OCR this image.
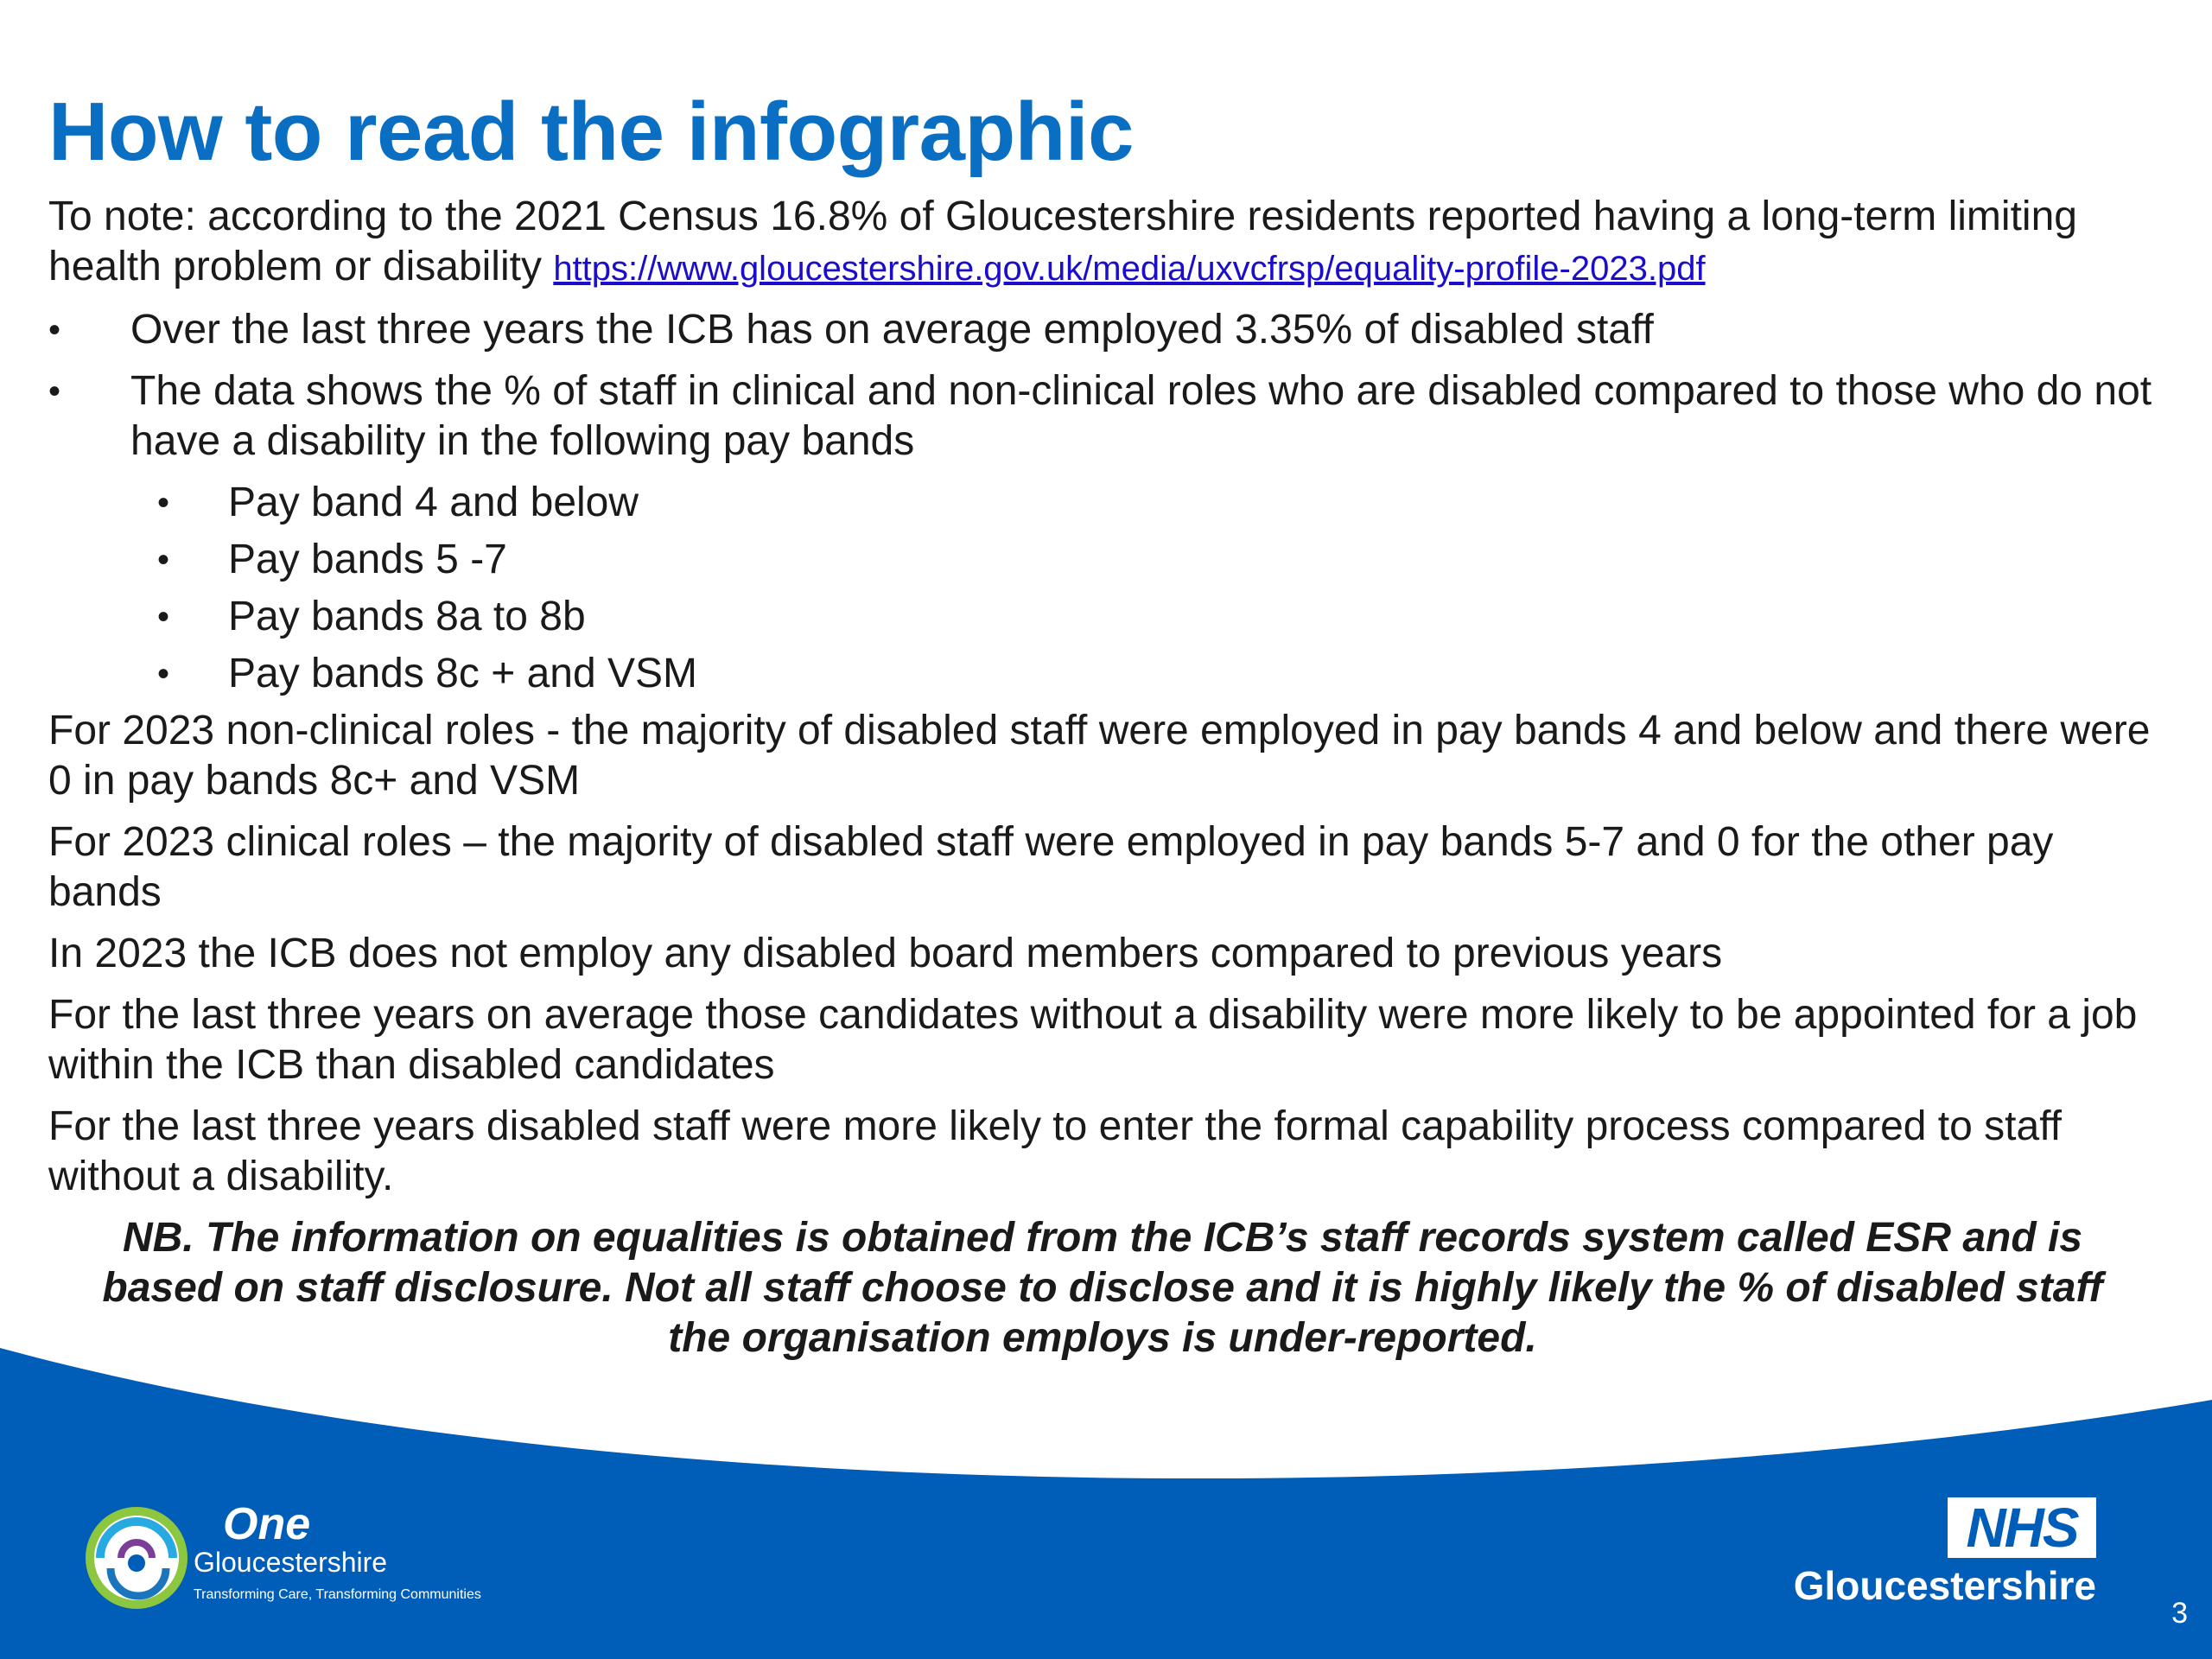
How to read the infographic

To note: according to the 2021 Census 16.8% of Gloucestershire residents reported having a long-term limiting health problem or disability https://www.gloucestershire.gov.uk/media/uxvcfrsp/equality-profile-2023.pdf

• Over the last three years the ICB has on average employed 3.35% of disabled staff
• The data shows the % of staff in clinical and non-clinical roles who are disabled compared to those who do not have a disability in the following pay bands
• Pay band 4 and below
• Pay bands 5 -7
• Pay bands 8a to 8b
• Pay bands 8c + and VSM

For 2023 non-clinical roles - the majority of disabled staff were employed in pay bands 4 and below and there were 0 in pay bands 8c+ and VSM

For 2023 clinical roles – the majority of disabled staff were employed in pay bands 5-7 and 0 for the other pay bands

In 2023 the ICB does not employ any disabled board members compared to previous years

For the last three years on average those candidates without a disability were more likely to be appointed for a job within the ICB than disabled candidates

For the last three years disabled staff were more likely to enter the formal capability process compared to staff without a disability.

NB. The information on equalities is obtained from the ICB’s staff records system called ESR and is based on staff disclosure. Not all staff choose to disclose and it is highly likely the % of disabled staff the organisation employs is under-reported.

One
Gloucestershire
Transforming Care, Transforming Communities
NHS
Gloucestershire
3
